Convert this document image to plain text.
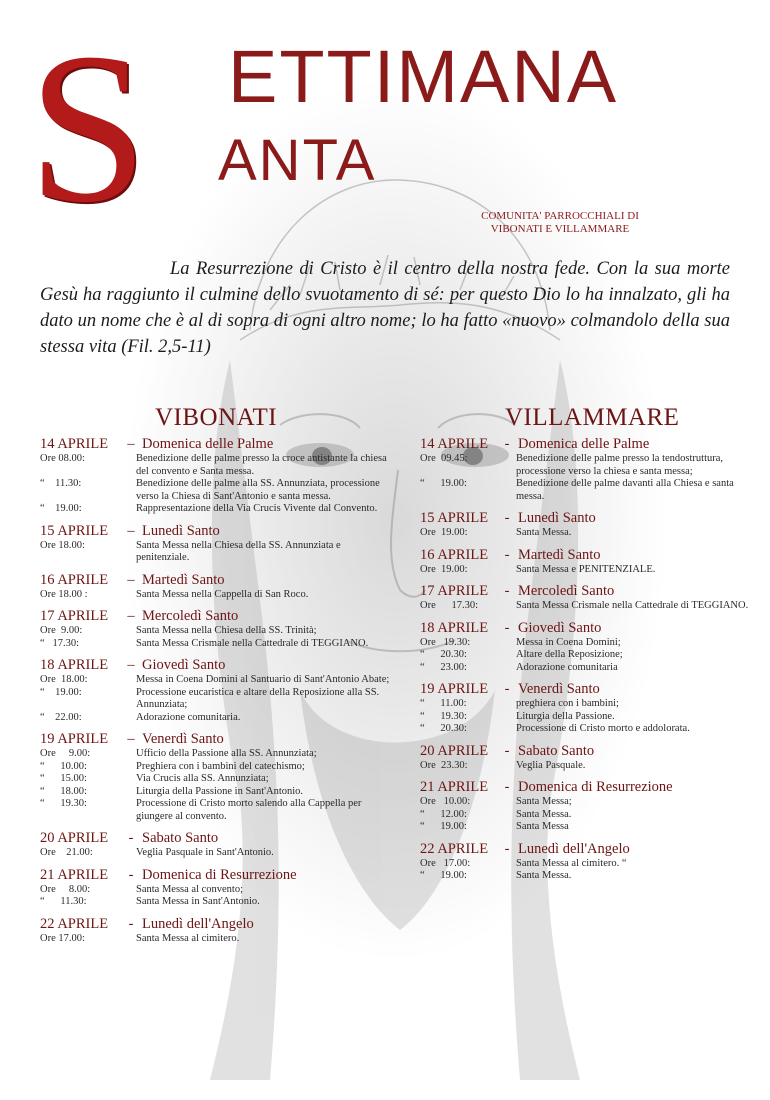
S ETTIMANA
ANTA
COMUNITA' PARROCCHIALI DI
VIBONATI E VILLAMMARE
La Resurrezione di Cristo è il centro della nostra fede. Con la sua morte Gesù ha raggiunto il culmine dello svuotamento di sé: per questo Dio lo ha innalzato, gli ha dato un nome che è al di sopra di ogni altro nome; lo ha fatto «nuovo» colmandolo della sua stessa vita (Fil. 2,5-11)
VIBONATI	VILLAMMARE
14 APRILE – Domenica delle Palme
Ore 08.00:	Benedizione delle palme presso la croce antistante la chiesa del convento e Santa messa.
“    11.30:	Benedizione delle palme alla SS. Annunziata, processione verso la Chiesa di Sant'Antonio e santa messa.
“    19.00:	Rappresentazione della Via Crucis Vivente dal Convento.
15 APRILE – Lunedì Santo
Ore 18.00:	Santa Messa nella Chiesa della SS. Annunziata e penitenziale.
16 APRILE – Martedì Santo
Ore 18.00 :	Santa Messa nella Cappella di San Roco.
17 APRILE – Mercoledì Santo
Ore  9.00:	Santa Messa nella Chiesa della SS. Trinità;
“   17.30:	Santa Messa Crismale nella Cattedrale di TEGGIANO.
18 APRILE – Giovedì Santo
Ore  18.00:	Messa in Coena Domini al Santuario di Sant'Antonio Abate;
“    19.00:	Processione eucaristica e altare della Reposizione alla SS. Annunziata;
“    22.00:	Adorazione comunitaria.
19 APRILE – Venerdì Santo
Ore     9.00:	Ufficio della Passione alla SS. Annunziata;
“      10.00:	Preghiera con i bambini del catechismo;
“      15.00:	Via Crucis alla SS. Annunziata;
“      18.00:	Liturgia della Passione in Sant'Antonio.
“      19.30:	Processione di Cristo morto salendo alla Cappella per giungere al convento.
20 APRILE - Sabato Santo
Ore    21.00:	Veglia Pasquale in Sant'Antonio.
21 APRILE - Domenica di Resurrezione
Ore     8.00:	Santa Messa al convento;
“      11.30:	Santa Messa in Sant'Antonio.
22 APRILE - Lunedì dell'Angelo
Ore 17.00:	Santa Messa al cimitero.
14 APRILE - Domenica delle Palme
Ore  09.45:	Benedizione delle palme presso la tendostruttura, processione verso la chiesa e santa messa;
“      19.00:	Benedizione delle palme davanti alla Chiesa e santa messa.
15 APRILE - Lunedì Santo
Ore  19.00:	Santa Messa.
16 APRILE - Martedì Santo
Ore  19.00:	Santa Messa e PENITENZIALE.
17 APRILE - Mercoledì Santo
Ore      17.30:	Santa Messa Crismale nella Cattedrale di TEGGIANO.
18 APRILE - Giovedì Santo
Ore   19.30:	Messa in Coena Domini;
“      20.30:	Altare della Reposizione;
“      23.00:	Adorazione comunitaria
19 APRILE - Venerdì Santo
“      11.00:	preghiera con i bambini;
“      19.30:	Liturgia della Passione.
“      20.30:	Processione di Cristo morto e addolorata.
20 APRILE - Sabato Santo
Ore  23.30:	Veglia Pasquale.
21 APRILE - Domenica di Resurrezione
Ore   10.00:	Santa Messa;
“      12.00:	Santa Messa.
“      19.00:	Santa Messa
22 APRILE - Lunedì dell'Angelo
Ore   17.00:	Santa Messa al cimitero. “
“      19.00:	Santa Messa.
